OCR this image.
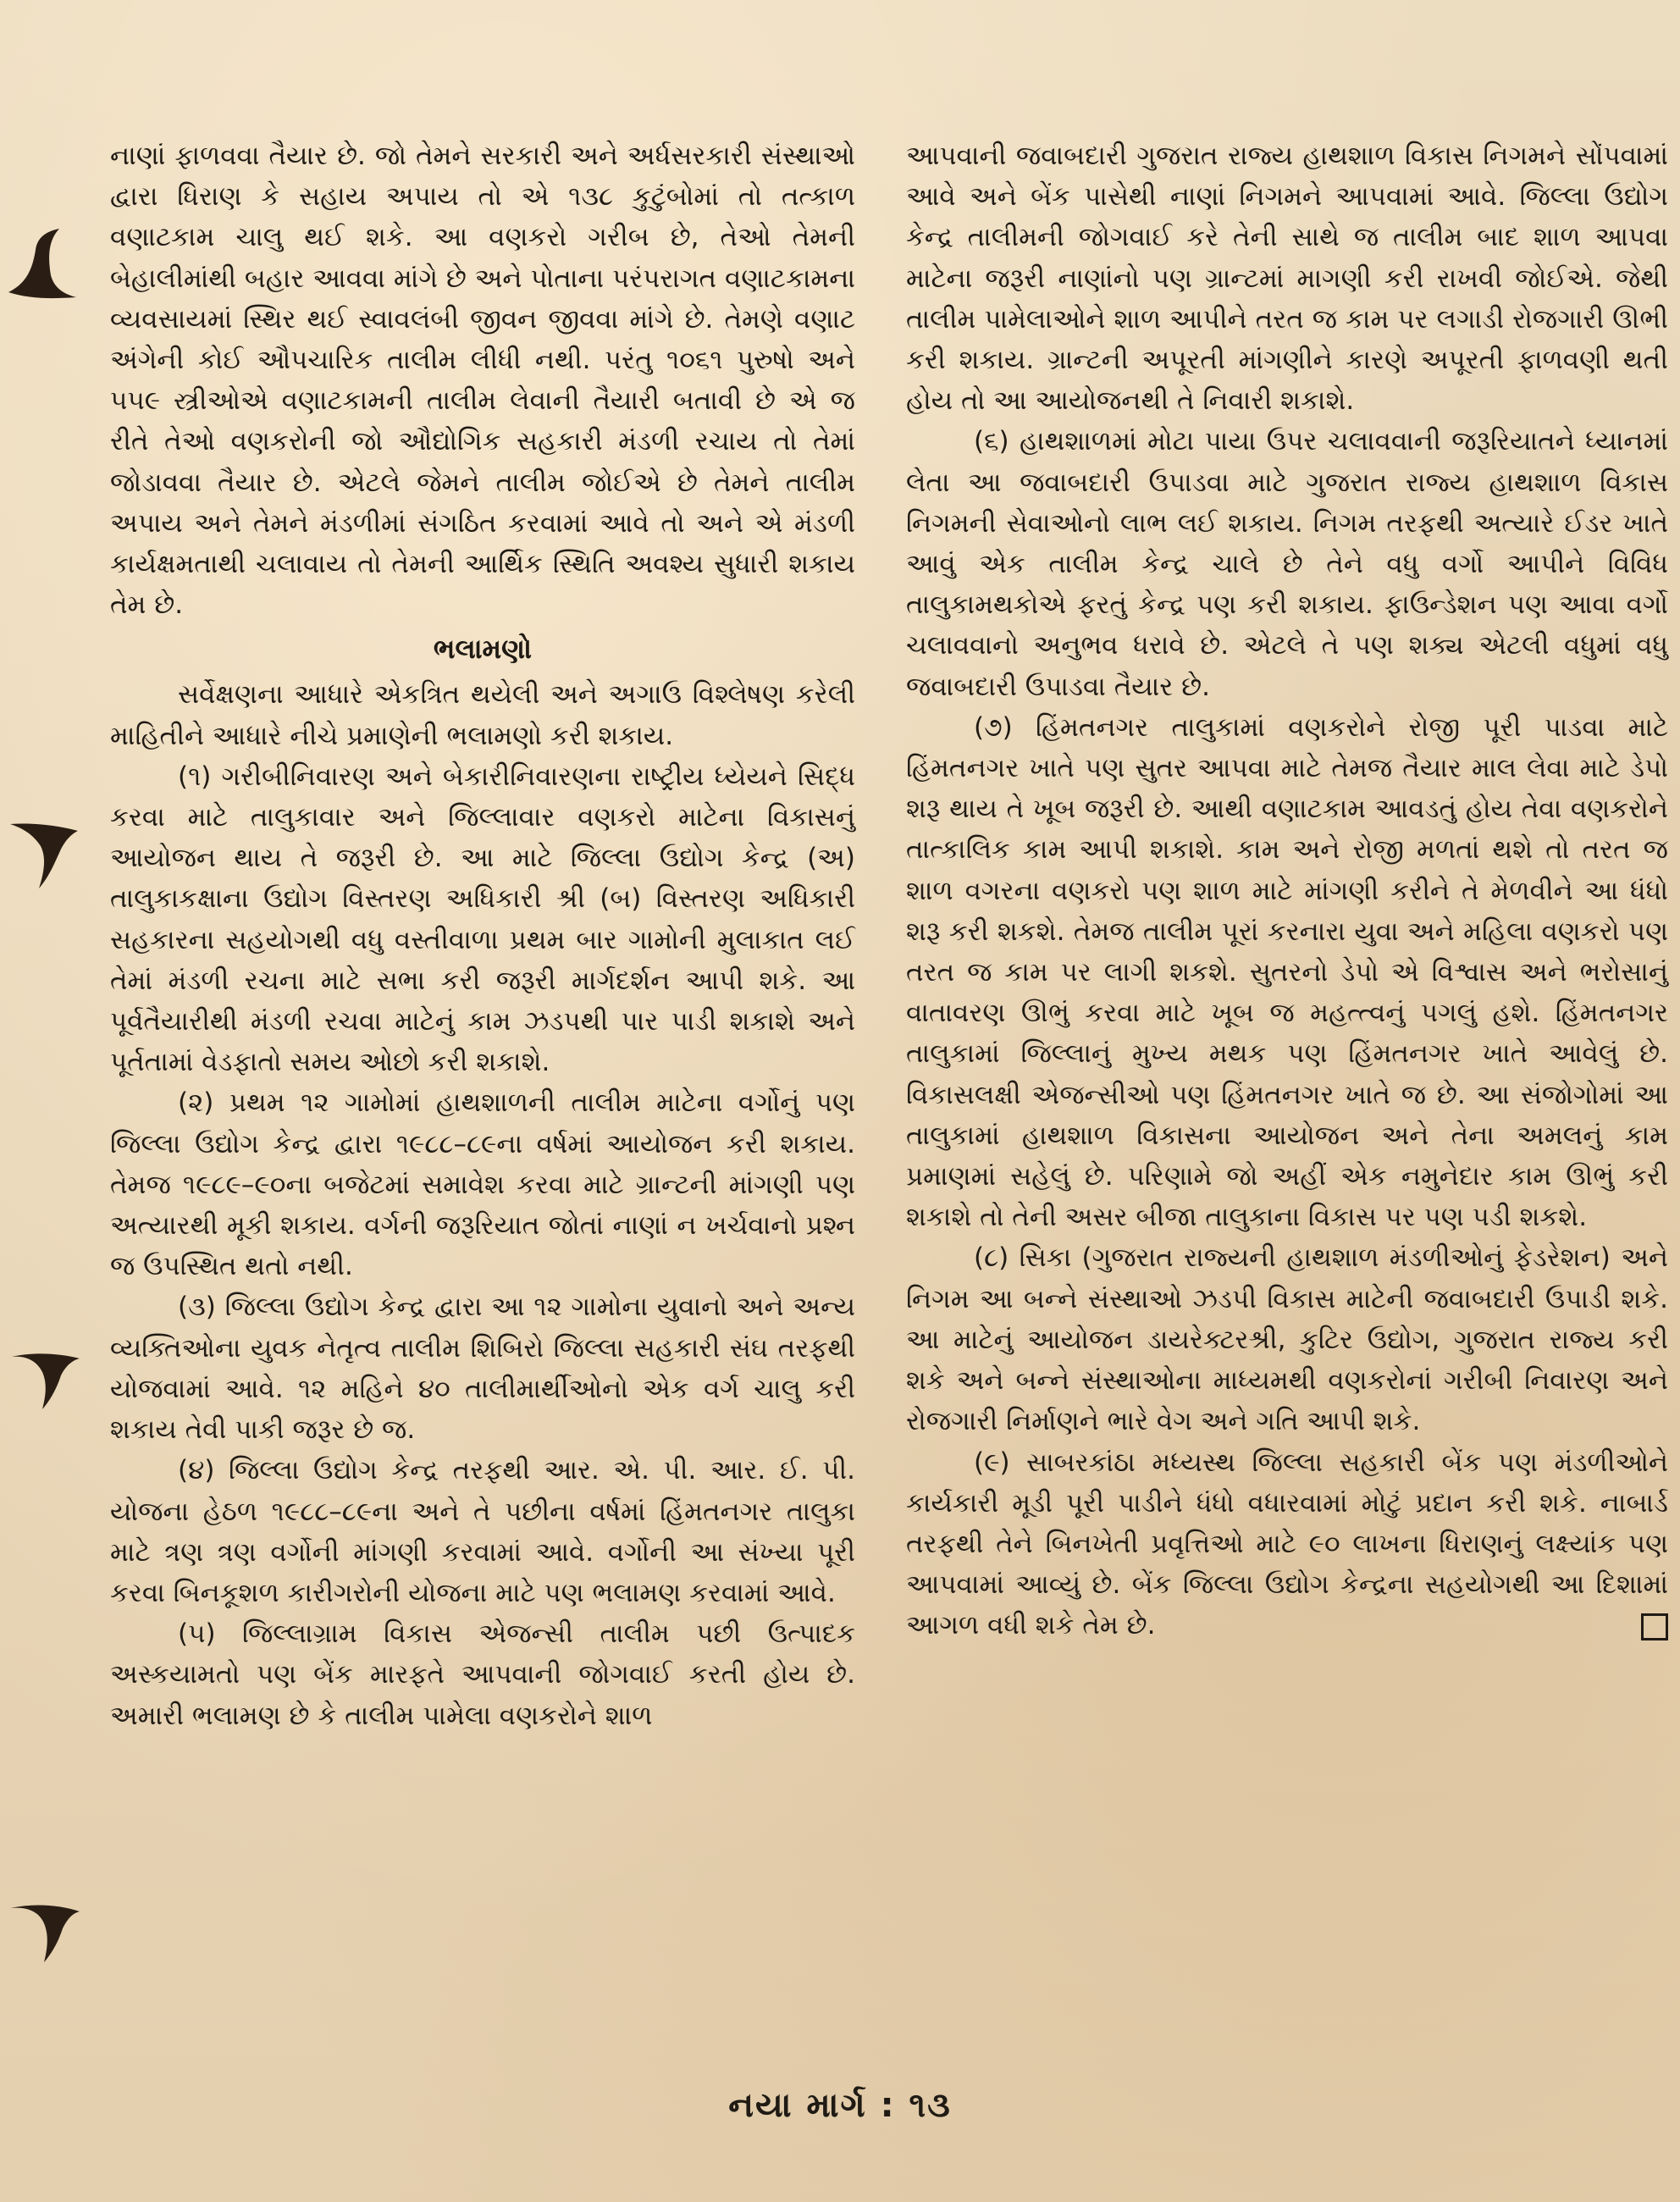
નાણાં ફાળવવા તૈયાર છે. જો તેમને સરકારી અને અર્ધસરકારી સંસ્થાઓ દ્વારા ધિરાણ કે સહાય અપાય તો એ ૧૩૮ કુટુંબોમાં તો તત્કાળ વણાટકામ ચાલુ થઈ શકે. આ વણકરો ગરીબ છે, તેઓ તેમની બેહાલીમાંથી બહાર આવવા માંગે છે અને પોતાના પરંપરાગત વણાટકામના વ્યવસાયમાં સ્થિર થઈ સ્વાવલંબી જીવન જીવવા માંગે છે. તેમણે વણાટ અંગેની કોઈ ઔપચારિક તાલીમ લીધી નથી. પરંતુ ૧૦૬૧ પુરુષો અને ૫૫૯ સ્ત્રીઓએ વણાટકામની તાલીમ લેવાની તૈયારી બતાવી છે એ જ રીતે તેઓ વણકરોની જો ઔદ્યોગિક સહકારી મંડળી રચાય તો તેમાં જોડાવવા તૈયાર છે. એટલે જેમને તાલીમ જોઈએ છે તેમને તાલીમ અપાય અને તેમને મંડળીમાં સંગઠિત કરવામાં આવે તો અને એ મંડળી કાર્યક્ષમતાથી ચલાવાય તો તેમની આર્થિક સ્થિતિ અવશ્ય સુધારી શકાય તેમ છે.

ભલામણો

સર્વેક્ષણના આધારે એકત્રિત થયેલી અને અગાઉ વિશ્લેષણ કરેલી માહિતીને આધારે નીચે પ્રમાણેની ભલામણો કરી શકાય.

(૧) ગરીબીનિવારણ અને બેકારીનિવારણના રાષ્ટ્રીય ધ્યેયને સિદ્ધ કરવા માટે તાલુકાવાર અને જિલ્લાવાર વણકરો માટેના વિકાસનું આયોજન થાય તે જરૂરી છે. આ માટે જિલ્લા ઉદ્યોગ કેન્દ્ર (અ) તાલુકાકક્ષાના ઉદ્યોગ વિસ્તરણ અધિકારી શ્રી (બ) વિસ્તરણ અધિકારી સહકારના સહયોગથી વધુ વસ્તીવાળા પ્રથમ બાર ગામોની મુલાકાત લઈ તેમાં મંડળી રચના માટે સભા કરી જરૂરી માર્ગદર્શન આપી શકે. આ પૂર્વતૈયારીથી મંડળી રચવા માટેનું કામ ઝડપથી પાર પાડી શકાશે અને પૂર્તતામાં વેડફાતો સમય ઓછો કરી શકાશે.

(૨) પ્રથમ ૧૨ ગામોમાં હાથશાળની તાલીમ માટેના વર્ગોનું પણ જિલ્લા ઉદ્યોગ કેન્દ્ર દ્વારા ૧૯૮૮–૮૯ના વર્ષમાં આયોજન કરી શકાય. તેમજ ૧૯૮૯–૯૦ના બજેટમાં સમાવેશ કરવા માટે ગ્રાન્ટની માંગણી પણ અત્યારથી મૂકી શકાય. વર્ગની જરૂરિયાત જોતાં નાણાં ન ખર્ચવાનો પ્રશ્ન જ ઉપસ્થિત થતો નથી.

(૩) જિલ્લા ઉદ્યોગ કેન્દ્ર દ્વારા આ ૧૨ ગામોના યુવાનો અને અન્ય વ્યક્તિઓના યુવક નેતૃત્વ તાલીમ શિબિરો જિલ્લા સહકારી સંઘ તરફથી યોજવામાં આવે. ૧૨ મહિને ૪૦ તાલીમાર્થીઓનો એક વર્ગ ચાલુ કરી શકાય તેવી પાકી જરૂર છે જ.

(૪) જિલ્લા ઉદ્યોગ કેન્દ્ર તરફથી આર. એ. પી. આર. ઈ. પી. યોજના હેઠળ ૧૯૮૮–૮૯ના અને તે પછીના વર્ષમાં હિંમતનગર તાલુકા માટે ત્રણ ત્રણ વર્ગોની માંગણી કરવામાં આવે. વર્ગોની આ સંખ્યા પૂરી કરવા બિનકૂશળ કારીગરોની યોજના માટે પણ ભલામણ કરવામાં આવે.

(૫) જિલ્લાગ્રામ વિકાસ એજન્સી તાલીમ પછી ઉત્પાદક અસ્કયામતો પણ બેંક મારફતે આપવાની જોગવાઈ કરતી હોય છે. અમારી ભલામણ છે કે તાલીમ પામેલા વણકરોને શાળ

આપવાની જવાબદારી ગુજરાત રાજ્ય હાથશાળ વિકાસ નિગમને સોંપવામાં આવે અને બેંક પાસેથી નાણાં નિગમને આપવામાં આવે. જિલ્લા ઉદ્યોગ કેન્દ્ર તાલીમની જોગવાઈ કરે તેની સાથે જ તાલીમ બાદ શાળ આપવા માટેના જરૂરી નાણાંનો પણ ગ્રાન્ટમાં માગણી કરી રાખવી જોઈએ. જેથી તાલીમ પામેલાઓને શાળ આપીને તરત જ કામ પર લગાડી રોજગારી ઊભી કરી શકાય. ગ્રાન્ટની અપૂરતી માંગણીને કારણે અપૂરતી ફાળવણી થતી હોય તો આ આયોજનથી તે નિવારી શકાશે.

(૬) હાથશાળમાં મોટા પાયા ઉપર ચલાવવાની જરૂરિયાતને ધ્યાનમાં લેતા આ જવાબદારી ઉપાડવા માટે ગુજરાત રાજ્ય હાથશાળ વિકાસ નિગમની સેવાઓનો લાભ લઈ શકાય. નિગમ તરફથી અત્યારે ઈડર ખાતે આવું એક તાલીમ કેન્દ્ર ચાલે છે તેને વધુ વર્ગો આપીને વિવિધ તાલુકામથકોએ ફરતું કેન્દ્ર પણ કરી શકાય. ફાઉન્ડેશન પણ આવા વર્ગો ચલાવવાનો અનુભવ ધરાવે છે. એટલે તે પણ શક્ય એટલી વધુમાં વધુ જવાબદારી ઉપાડવા તૈયાર છે.

(૭) હિંમતનગર તાલુકામાં વણકરોને રોજી પૂરી પાડવા માટે હિંમતનગર ખાતે પણ સુતર આપવા માટે તેમજ તૈયાર માલ લેવા માટે ડેપો શરૂ થાય તે ખૂબ જરૂરી છે. આથી વણાટકામ આવડતું હોય તેવા વણકરોને તાત્કાલિક કામ આપી શકાશે. કામ અને રોજી મળતાં થશે તો તરત જ શાળ વગરના વણકરો પણ શાળ માટે માંગણી કરીને તે મેળવીને આ ધંધો શરૂ કરી શકશે. તેમજ તાલીમ પૂરાં કરનારા યુવા અને મહિલા વણકરો પણ તરત જ કામ પર લાગી શકશે. સુતરનો ડેપો એ વિશ્વાસ અને ભરોસાનું વાતાવરણ ઊભું કરવા માટે ખૂબ જ મહત્ત્વનું પગલું હશે. હિંમતનગર તાલુકામાં જિલ્લાનું મુખ્ય મથક પણ હિંમતનગર ખાતે આવેલું છે. વિકાસલક્ષી એજન્સીઓ પણ હિંમતનગર ખાતે જ છે. આ સંજોગોમાં આ તાલુકામાં હાથશાળ વિકાસના આયોજન અને તેના અમલનું કામ પ્રમાણમાં સહેલું છે. પરિણામે જો અહીં એક નમુનેદાર કામ ઊભું કરી શકાશે તો તેની અસર બીજા તાલુકાના વિકાસ પર પણ પડી શકશે.

(૮) સિકા (ગુજરાત રાજ્યની હાથશાળ મંડળીઓનું ફેડરેશન) અને નિગમ આ બન્ને સંસ્થાઓ ઝડપી વિકાસ માટેની જવાબદારી ઉપાડી શકે. આ માટેનું આયોજન ડાયરેક્ટરશ્રી, કુટિર ઉદ્યોગ, ગુજરાત રાજ્ય કરી શકે અને બન્ને સંસ્થાઓના માધ્યમથી વણકરોનાં ગરીબી નિવારણ અને રોજગારી નિર્માણને ભારે વેગ અને ગતિ આપી શકે.

(૯) સાબરકાંઠા મધ્યસ્થ જિલ્લા સહકારી બેંક પણ મંડળીઓને કાર્યકારી મૂડી પૂરી પાડીને ધંધો વધારવામાં મોટું પ્રદાન કરી શકે. નાબાર્ડ તરફથી તેને બિનખેતી પ્રવૃત્તિઓ માટે ૯૦ લાખના ધિરાણનું લક્ષ્યાંક પણ આપવામાં આવ્યું છે. બેંક જિલ્લા ઉદ્યોગ કેન્દ્રના સહયોગથી આ દિશામાં આગળ વધી શકે તેમ છે.

નયા માર્ગ : ૧૩
